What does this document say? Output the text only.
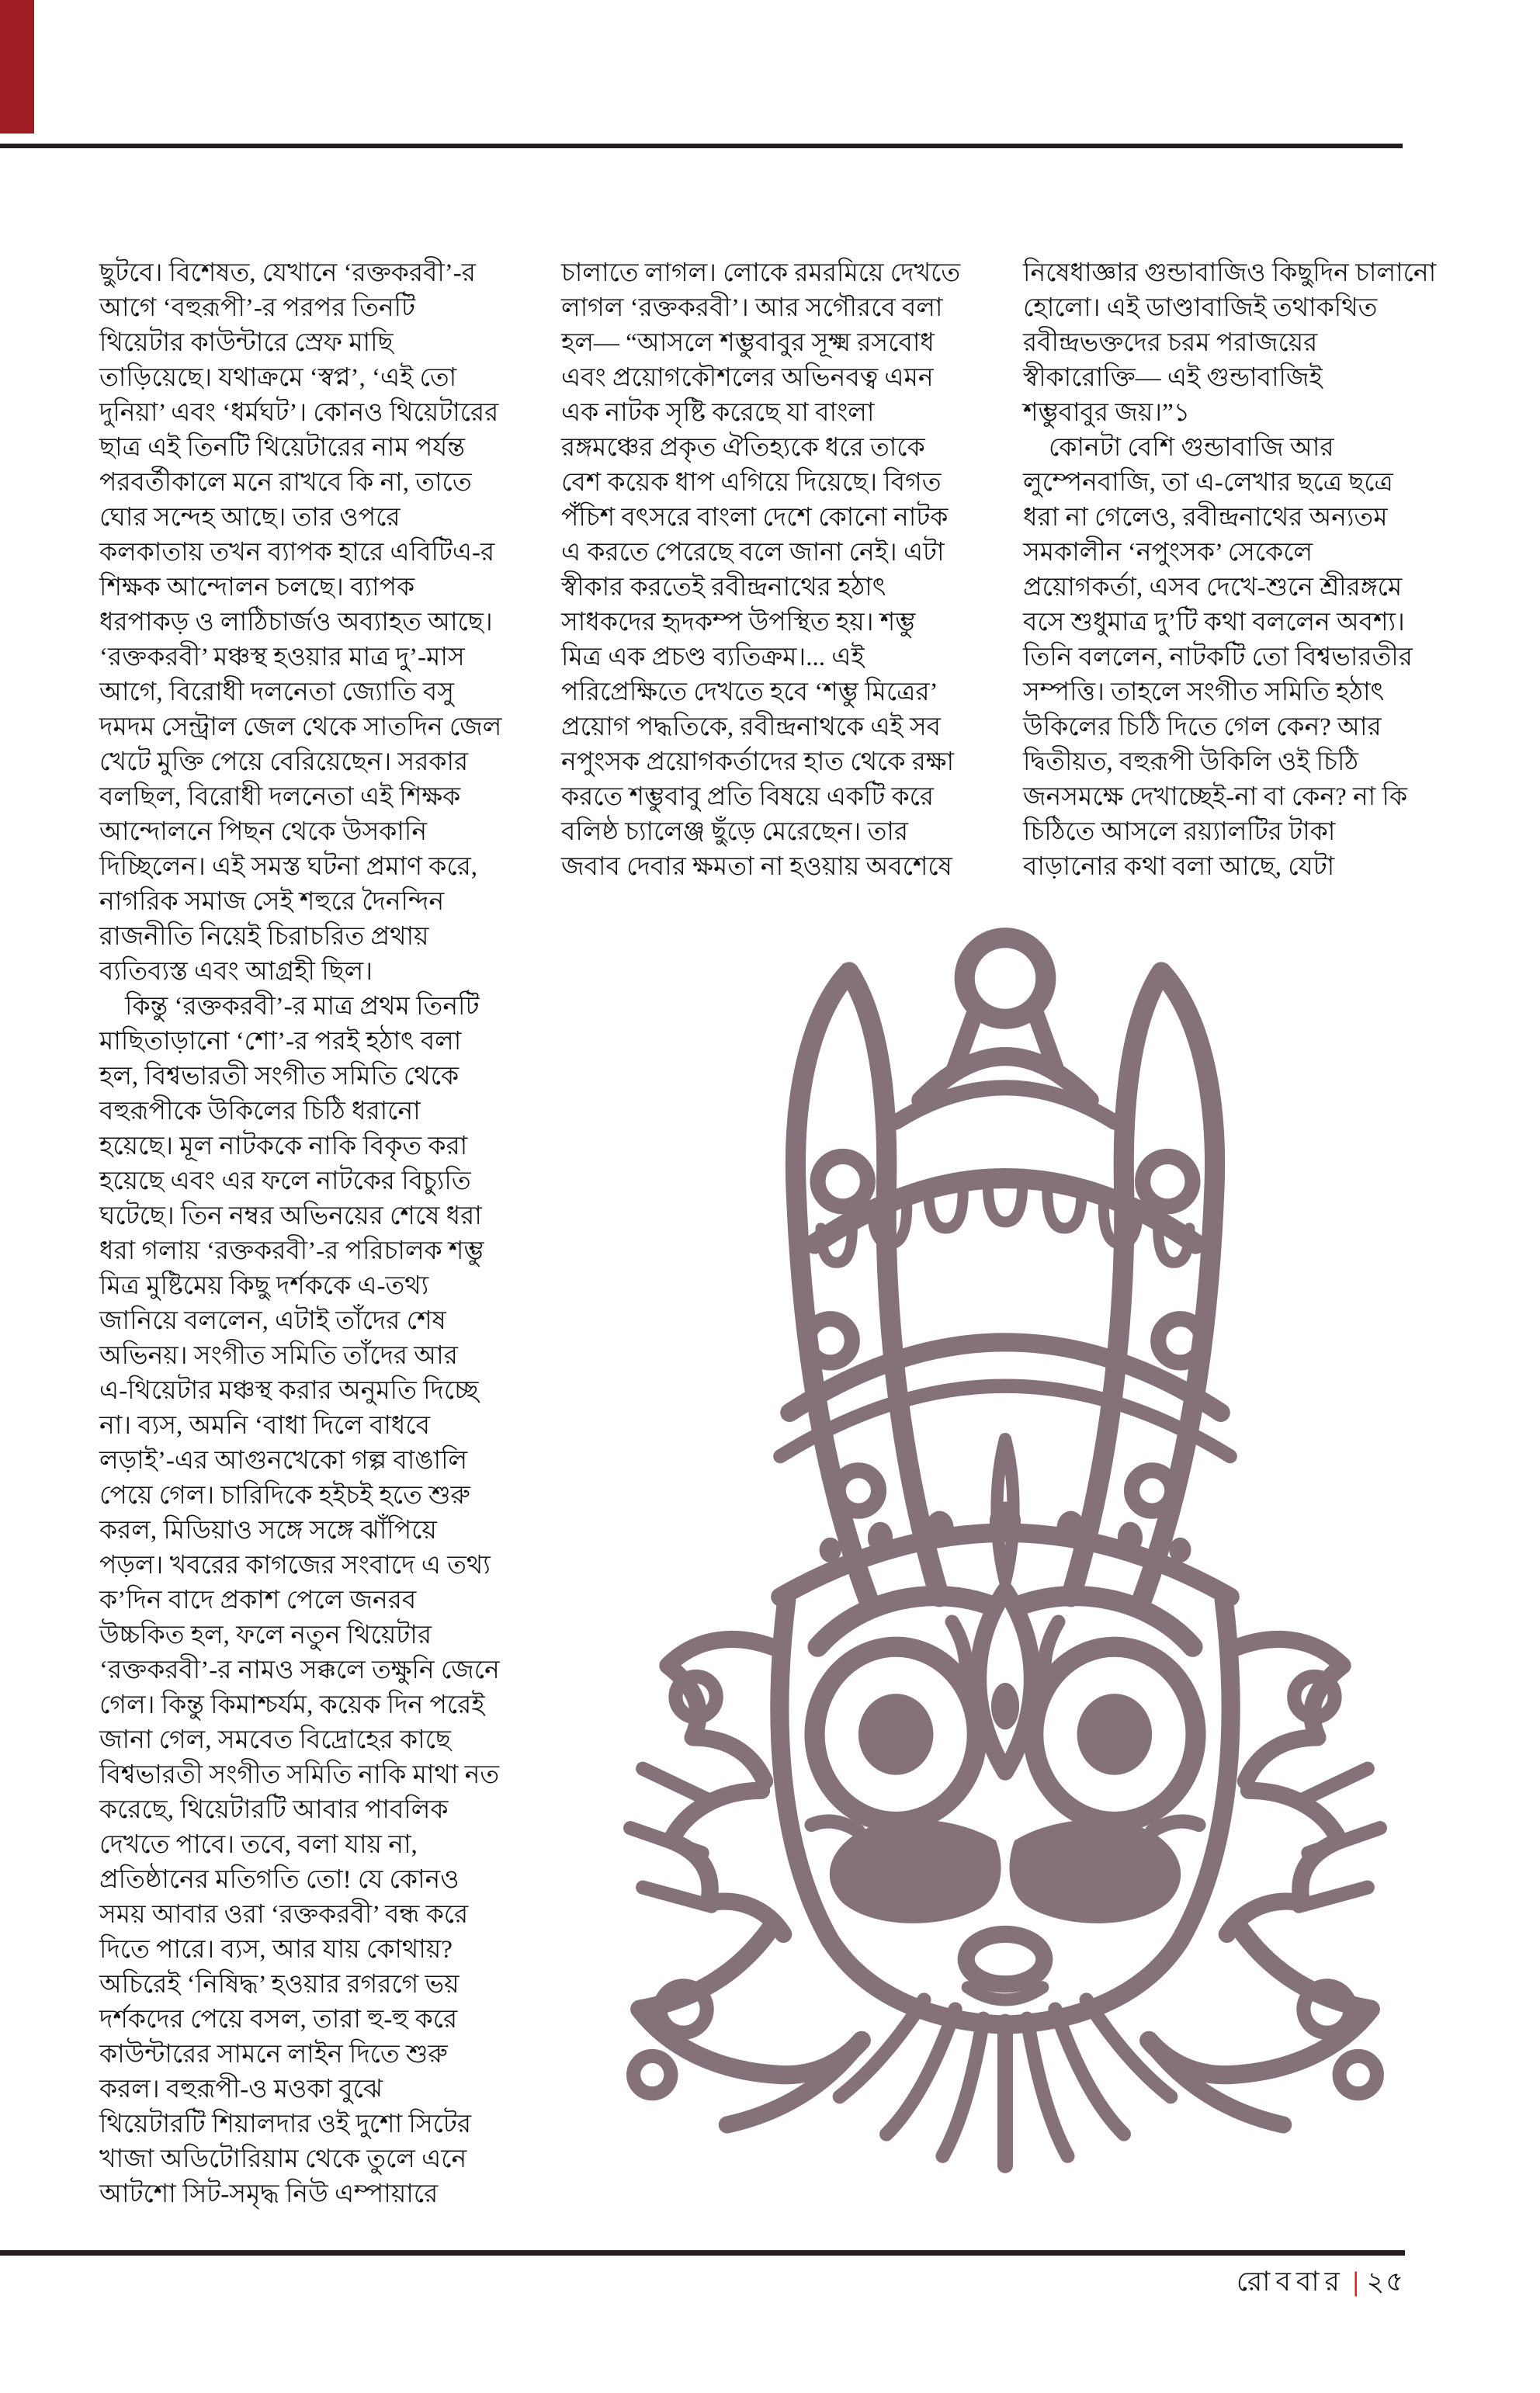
ছুটবে। বিশেষত, যেখানে ‘রক্তকরবী’-র
আগে ‘বহুরূপী’-র পরপর তিনটি
থিয়েটার কাউন্টারে স্রেফ মাছি
তাড়িয়েছে। যথাক্রমে ‘স্বপ্ন’, ‘এই তো
দুনিয়া’ এবং ‘ধর্মঘট’। কোনও থিয়েটারের
ছাত্র এই তিনটি থিয়েটারের নাম পর্যন্ত
পরবর্তীকালে মনে রাখবে কি না, তাতে
ঘোর সন্দেহ আছে। তার ওপরে
কলকাতায় তখন ব্যাপক হারে এবিটিএ-র
শিক্ষক আন্দোলন চলছে। ব্যাপক
ধরপাকড় ও লাঠিচার্জও অব্যাহত আছে।
‘রক্তকরবী’ মঞ্চস্থ হওয়ার মাত্র দু’-মাস
আগে, বিরোধী দলনেতা জ্যোতি বসু
দমদম সেন্ট্রাল জেল থেকে সাতদিন জেল
খেটে মুক্তি পেয়ে বেরিয়েছেন। সরকার
বলছিল, বিরোধী দলনেতা এই শিক্ষক
আন্দোলনে পিছন থেকে উসকানি
দিচ্ছিলেন। এই সমস্ত ঘটনা প্রমাণ করে,
নাগরিক সমাজ সেই শহুরে দৈনন্দিন
রাজনীতি নিয়েই চিরাচরিত প্রথায়
ব্যতিব্যস্ত এবং আগ্রহী ছিল।
 কিন্তু ‘রক্তকরবী’-র মাত্র প্রথম তিনটি
মাছিতাড়ানো ‘শো’-র পরই হঠাৎ বলা
হল, বিশ্বভারতী সংগীত সমিতি থেকে
বহুরূপীকে উকিলের চিঠি ধরানো
হয়েছে। মূল নাটককে নাকি বিকৃত করা
হয়েছে এবং এর ফলে নাটকের বিচ্যুতি
ঘটেছে। তিন নম্বর অভিনয়ের শেষে ধরা
ধরা গলায় ‘রক্তকরবী’-র পরিচালক শম্ভু
মিত্র মুষ্টিমেয় কিছু দর্শককে এ-তথ্য
জানিয়ে বললেন, এটাই তাঁদের শেষ
অভিনয়। সংগীত সমিতি তাঁদের আর
এ-থিয়েটার মঞ্চস্থ করার অনুমতি দিচ্ছে
না। ব্যস, অমনি ‘বাধা দিলে বাধবে
লড়াই’-এর আগুনখেকো গল্প বাঙালি
পেয়ে গেল। চারিদিকে হইচই হতে শুরু
করল, মিডিয়াও সঙ্গে সঙ্গে ঝাঁপিয়ে
পড়ল। খবরের কাগজের সংবাদে এ তথ্য
ক’দিন বাদে প্রকাশ পেলে জনরব
উচ্চকিত হল, ফলে নতুন থিয়েটার
‘রক্তকরবী’-র নামও সক্কলে তক্ষুনি জেনে
গেল। কিন্তু কিমাশ্চর্যম, কয়েক দিন পরেই
জানা গেল, সমবেত বিদ্রোহের কাছে
বিশ্বভারতী সংগীত সমিতি নাকি মাথা নত
করেছে, থিয়েটারটি আবার পাবলিক
দেখতে পাবে। তবে, বলা যায় না,
প্রতিষ্ঠানের মতিগতি তো! যে কোনও
সময় আবার ওরা ‘রক্তকরবী’ বন্ধ করে
দিতে পারে। ব্যস, আর যায় কোথায়?
অচিরেই ‘নিষিদ্ধ’ হওয়ার রগরগে ভয়
দর্শকদের পেয়ে বসল, তারা হু-হু করে
কাউন্টারের সামনে লাইন দিতে শুরু
করল। বহুরূপী-ও মওকা বুঝে
থিয়েটারটি শিয়ালদার ওই দুশো সিটের
খাজা অডিটোরিয়াম থেকে তুলে এনে
আটশো সিট-সমৃদ্ধ নিউ এম্পায়ারে
চালাতে লাগল। লোকে রমরমিয়ে দেখতে
লাগল ‘রক্তকরবী’। আর সগৌরবে বলা
হল— “আসলে শম্ভুবাবুর সূক্ষ্ম রসবোধ
এবং প্রয়োগকৌশলের অভিনবত্ব এমন
এক নাটক সৃষ্টি করেছে যা বাংলা
রঙ্গমঞ্চের প্রকৃত ঐতিহ্যকে ধরে তাকে
বেশ কয়েক ধাপ এগিয়ে দিয়েছে। বিগত
পঁচিশ বৎসরে বাংলা দেশে কোনো নাটক
এ করতে পেরেছে বলে জানা নেই। এটা
স্বীকার করতেই রবীন্দ্রনাথের হঠাৎ
সাধকদের হৃদকম্প উপস্থিত হয়। শম্ভু
মিত্র এক প্রচণ্ড ব্যতিক্রম।... এই
পরিপ্রেক্ষিতে দেখতে হবে ‘শম্ভু মিত্রের’
প্রয়োগ পদ্ধতিকে, রবীন্দ্রনাথকে এই সব
নপুংসক প্রয়োগকর্তাদের হাত থেকে রক্ষা
করতে শম্ভুবাবু প্রতি বিষয়ে একটি করে
বলিষ্ঠ চ্যালেঞ্জ ছুঁড়ে মেরেছেন। তার
জবাব দেবার ক্ষমতা না হওয়ায় অবশেষে
নিষেধাজ্ঞার গুন্ডাবাজিও কিছুদিন চালানো
হোলো। এই ডাণ্ডাবাজিই তথাকথিত
রবীন্দ্রভক্তদের চরম পরাজয়ের
স্বীকারোক্তি— এই গুন্ডাবাজিই
শম্ভুবাবুর জয়।”১
 কোনটা বেশি গুন্ডাবাজি আর
লুম্পেনবাজি, তা এ-লেখার ছত্রে ছত্রে
ধরা না গেলেও, রবীন্দ্রনাথের অন্যতম
সমকালীন ‘নপুংসক’ সেকেলে
প্রয়োগকর্তা, এসব দেখে-শুনে শ্রীরঙ্গমে
বসে শুধুমাত্র দু’টি কথা বললেন অবশ্য।
তিনি বললেন, নাটকটি তো বিশ্বভারতীর
সম্পত্তি। তাহলে সংগীত সমিতি হঠাৎ
উকিলের চিঠি দিতে গেল কেন? আর
দ্বিতীয়ত, বহুরূপী উকিলি ওই চিঠি
জনসমক্ষে দেখাচ্ছেই-না বা কেন? না কি
চিঠিতে আসলে রয়্যালটির টাকা
বাড়ানোর কথা বলা আছে, যেটা
রোববার | ২৫
